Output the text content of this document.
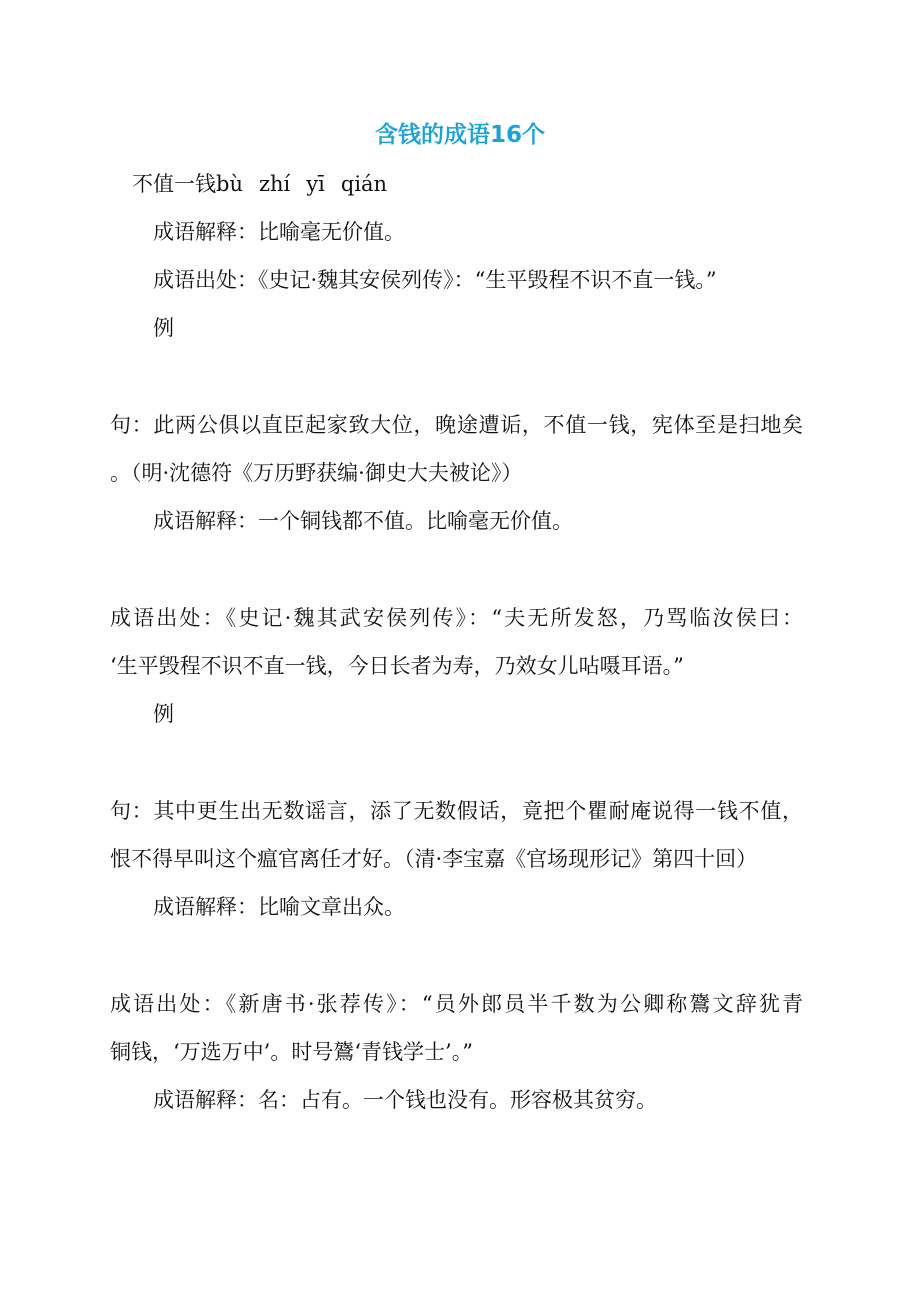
含钱的成语16个
不值一钱bù zhí yī qián
成语解释：比喻毫无价值。
成语出处：《史记·魏其安侯列传》：“生平毁程不识不直一钱。”
例
句：此两公俱以直臣起家致大位，晚途遭诟，不值一钱，宪体至是扫地矣
。（明·沈德符《万历野获编·御史大夫被论》）
成语解释：一个铜钱都不值。比喻毫无价值。
成语出处：《史记·魏其武安侯列传》：“夫无所发怒，乃骂临汝侯曰：
‘生平毁程不识不直一钱，今日长者为寿，乃效女儿呫嗫耳语。”
例
句：其中更生出无数谣言，添了无数假话，竟把个瞿耐庵说得一钱不值，
恨不得早叫这个瘟官离任才好。（清·李宝嘉《官场现形记》第四十回）
成语解释：比喻文章出众。
成语出处：《新唐书·张荐传》：“员外郎员半千数为公卿称鷟文辞犹青
铜钱，‘万选万中’。时号鷟‘青钱学士’。”
成语解释：名：占有。一个钱也没有。形容极其贫穷。
